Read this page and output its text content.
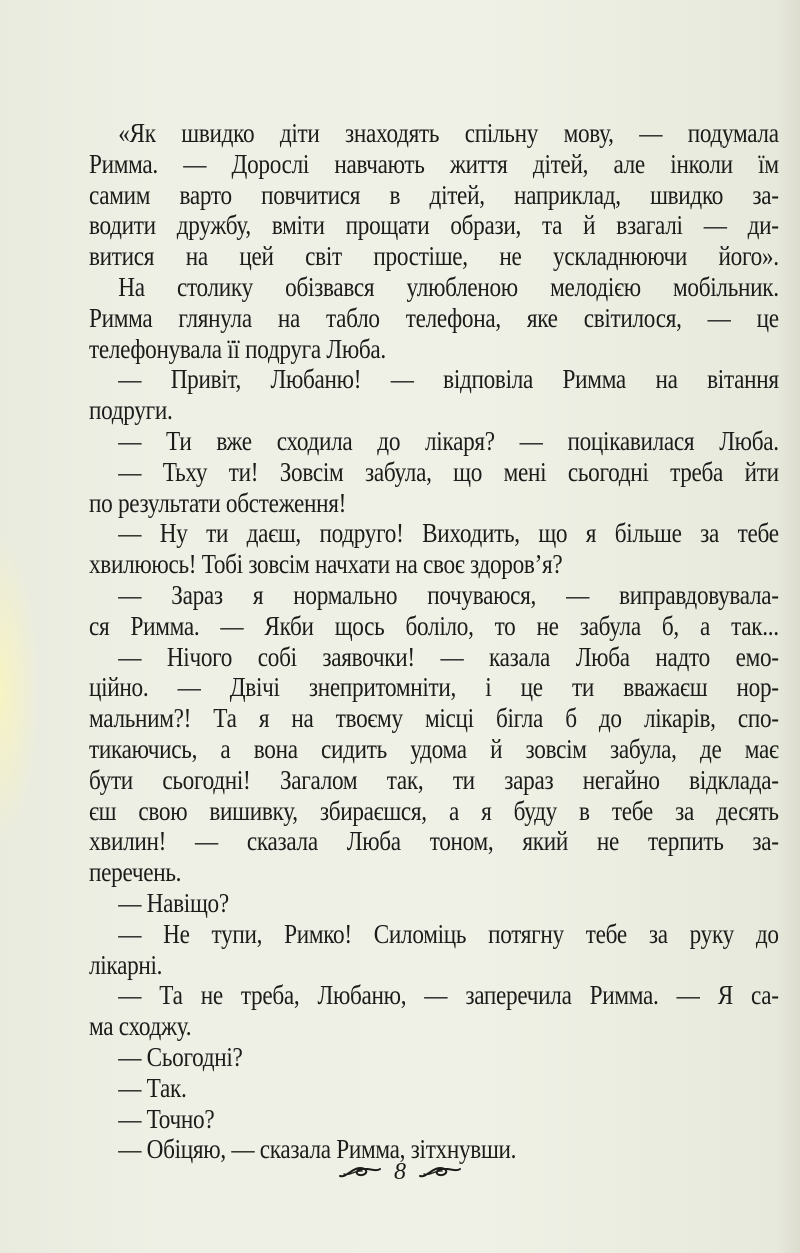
«Як швидко діти знаходять спільну мову, — подумала
Римма. — Дорослі навчають життя дітей, але інколи їм
самим варто повчитися в дітей, наприклад, швидко за-
водити дружбу, вміти прощати образи, та й взагалі — ди-
витися на цей світ простіше, не ускладнюючи його».
На столику обізвався улюбленою мелодією мобільник.
Римма глянула на табло телефона, яке світилося, — це
телефонувала її подруга Люба.
— Привіт, Любаню! — відповіла Римма на вітання
подруги.
— Ти вже сходила до лікаря? — поцікавилася Люба.
— Тьху ти! Зовсім забула, що мені сьогодні треба йти
по результати обстеження!
— Ну ти даєш, подруго! Виходить, що я більше за тебе
хвилююсь! Тобі зовсім начхати на своє здоров’я?
— Зараз я нормально почуваюся, — виправдовувала-
ся Римма. — Якби щось боліло, то не забула б, а так...
— Нічого собі заявочки! — казала Люба надто емо-
ційно. — Двічі знепритомніти, і це ти вважаєш нор-
мальним?! Та я на твоєму місці бігла б до лікарів, спо-
тикаючись, а вона сидить удома й зовсім забула, де має
бути сьогодні! Загалом так, ти зараз негайно відклада-
єш свою вишивку, збираєшся, а я буду в тебе за десять
хвилин! — сказала Люба тоном, який не терпить за-
перечень.
— Навіщо?
— Не тупи, Римко! Силоміць потягну тебе за руку до
лікарні.
— Та не треба, Любаню, — заперечила Римма. — Я са-
ма сходжу.
— Сьогодні?
— Так.
— Точно?
— Обіцяю, — сказала Римма, зітхнувши.
8
